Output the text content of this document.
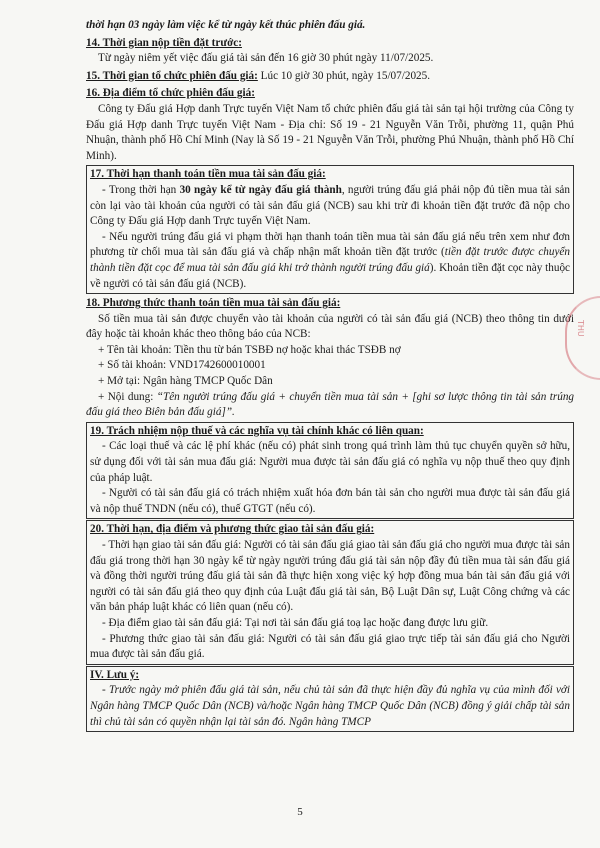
thời hạn 03 ngày làm việc kể từ ngày kết thúc phiên đấu giá.
14. Thời gian nộp tiền đặt trước:
Từ ngày niêm yết việc đấu giá tài sản đến 16 giờ 30 phút ngày 11/07/2025.
15. Thời gian tổ chức phiên đấu giá: Lúc 10 giờ 30 phút, ngày 15/07/2025.
16. Địa điểm tổ chức phiên đấu giá:
Công ty Đấu giá Hợp danh Trực tuyến Việt Nam tổ chức phiên đấu giá tài sản tại hội trường của Công ty Đấu giá Hợp danh Trực tuyến Việt Nam - Địa chỉ: Số 19 - 21 Nguyễn Văn Trỗi, phường 11, quận Phú Nhuận, thành phố Hồ Chí Minh (Nay là Số 19 - 21 Nguyễn Văn Trỗi, phường Phú Nhuận, thành phố Hồ Chí Minh).
17. Thời hạn thanh toán tiền mua tài sản đấu giá:
- Trong thời hạn 30 ngày kể từ ngày đấu giá thành, người trúng đấu giá phải nộp đủ tiền mua tài sản còn lại vào tài khoản của người có tài sản đấu giá (NCB) sau khi trừ đi khoản tiền đặt trước đã nộp cho Công ty Đấu giá Hợp danh Trực tuyến Việt Nam.
- Nếu người trúng đấu giá vi phạm thời hạn thanh toán tiền mua tài sản đấu giá nếu trên xem như đơn phương từ chối mua tài sản đấu giá và chấp nhận mất khoản tiền đặt trước (tiền đặt trước được chuyển thành tiền đặt cọc để mua tài sản đấu giá khi trở thành người trúng đấu giá). Khoản tiền đặt cọc này thuộc về người có tài sản đấu giá (NCB).
18. Phương thức thanh toán tiền mua tài sản đấu giá:
Số tiền mua tài sản được chuyển vào tài khoản của người có tài sản đấu giá (NCB) theo thông tin dưới đây hoặc tài khoản khác theo thông báo của NCB:
+ Tên tài khoản: Tiền thu từ bán TSBĐ nợ hoặc khai thác TSĐB nợ
+ Số tài khoản: VND1742600010001
+ Mở tại: Ngân hàng TMCP Quốc Dân
+ Nội dung: “Tên người trúng đấu giá + chuyển tiền mua tài sản + [ghi sơ lược thông tin tài sản trúng đấu giá theo Biên bản đấu giá]”.
19. Trách nhiệm nộp thuế và các nghĩa vụ tài chính khác có liên quan:
- Các loại thuế và các lệ phí khác (nếu có) phát sinh trong quá trình làm thủ tục chuyển quyền sở hữu, sử dụng đối với tài sản mua đấu giá: Người mua được tài sản đấu giá có nghĩa vụ nộp thuế theo quy định của pháp luật.
- Người có tài sản đấu giá có trách nhiệm xuất hóa đơn bán tài sản cho người mua được tài sản đấu giá và nộp thuế TNDN (nếu có), thuế GTGT (nếu có).
20. Thời hạn, địa điểm và phương thức giao tài sản đấu giá:
- Thời hạn giao tài sản đấu giá: Người có tài sản đấu giá giao tài sản đấu giá cho người mua được tài sản đấu giá trong thời hạn 30 ngày kể từ ngày người trúng đấu giá tài sản nộp đầy đủ tiền mua tài sản đấu giá và đồng thời người trúng đấu giá tài sản đã thực hiện xong việc ký hợp đồng mua bán tài sản đấu giá với người có tài sản đấu giá theo quy định của Luật đấu giá tài sản, Bộ Luật Dân sự, Luật Công chứng và các văn bản pháp luật khác có liên quan (nếu có).
- Địa điểm giao tài sản đấu giá: Tại nơi tài sản đấu giá toạ lạc hoặc đang được lưu giữ.
- Phương thức giao tài sản đấu giá: Người có tài sản đấu giá giao trực tiếp tài sản đấu giá cho Người mua được tài sản đấu giá.
IV. Lưu ý:
- Trước ngày mở phiên đấu giá tài sản, nếu chủ tài sản đã thực hiện đầy đủ nghĩa vụ của mình đối với Ngân hàng TMCP Quốc Dân (NCB) và/hoặc Ngân hàng TMCP Quốc Dân (NCB) đồng ý giải chấp tài sản thì chủ tài sản có quyền nhận lại tài sản đó. Ngân hàng TMCP
THU
5
